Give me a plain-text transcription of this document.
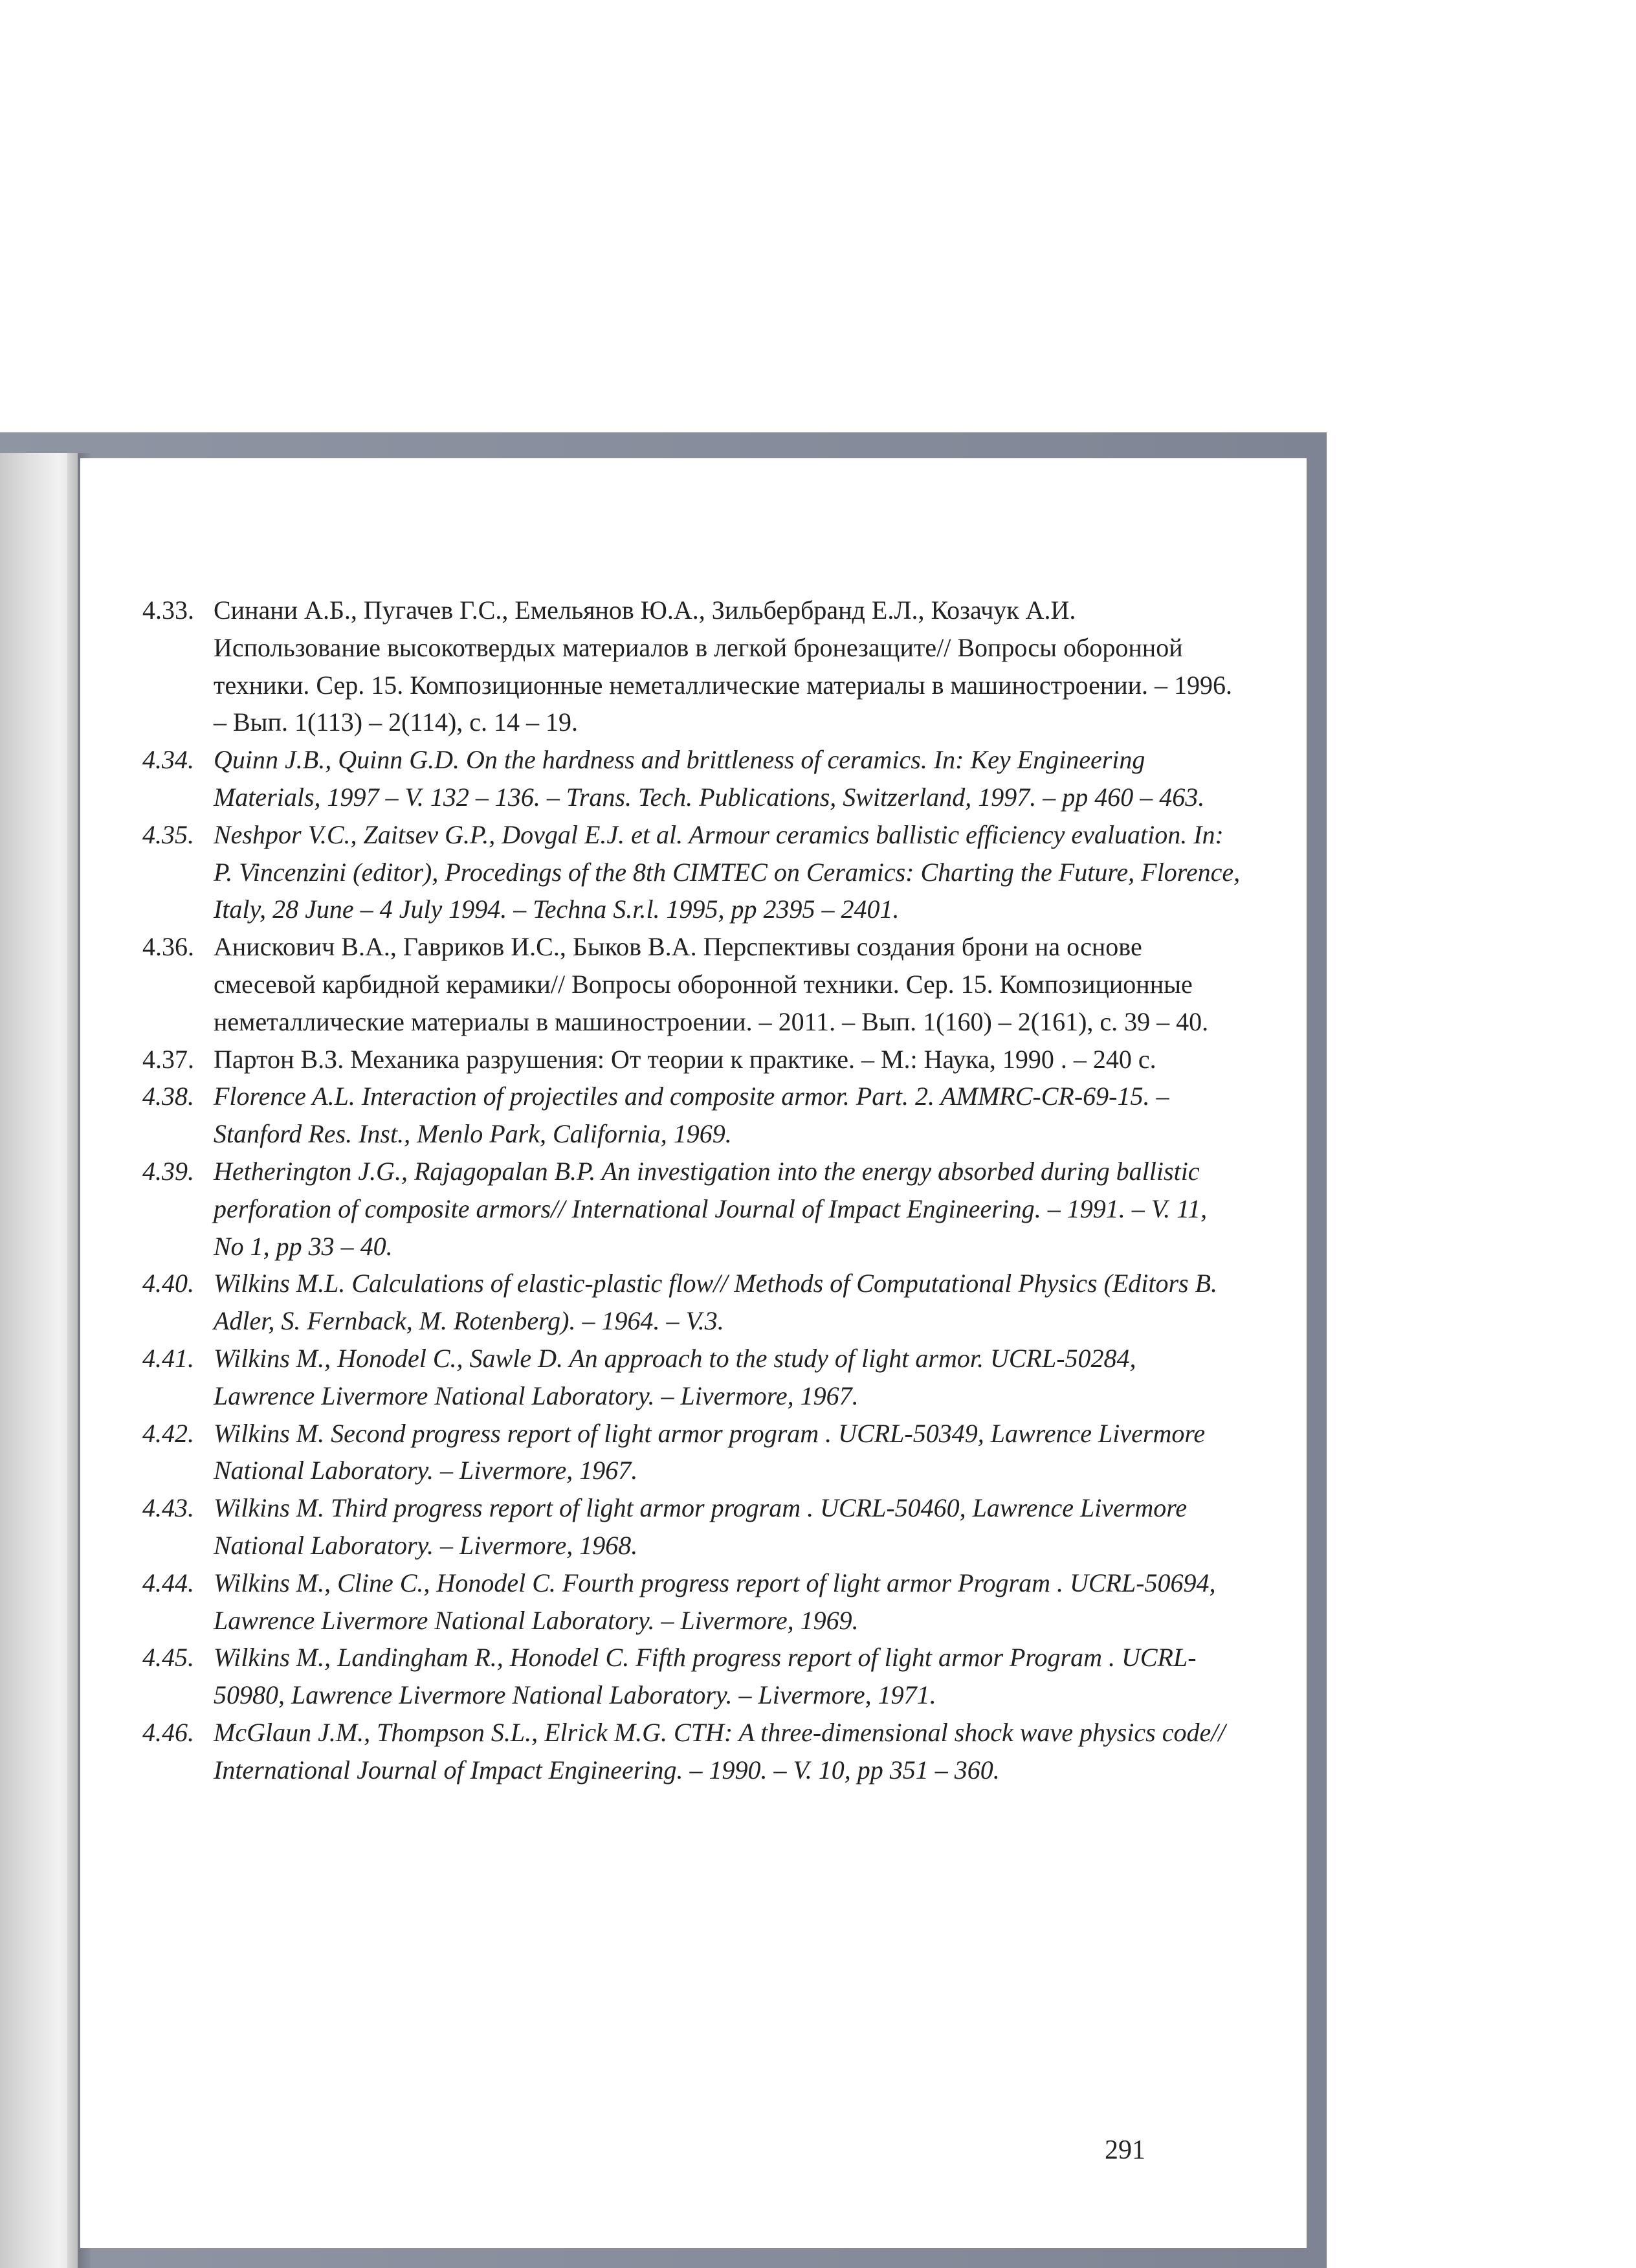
4.33. Синани А.Б., Пугачев Г.С., Емельянов Ю.А., Зильбербранд Е.Л., Козачук А.И. Использование высокотвердых материалов в легкой бронезащите// Вопросы оборонной техники. Сер. 15. Композиционные неметаллические материалы в машиностроении. – 1996. – Вып. 1(113) – 2(114), с. 14 – 19.
4.34. Quinn J.B., Quinn G.D. On the hardness and brittleness of ceramics. In: Key Engineering Materials, 1997 – V. 132 – 136. – Trans. Tech. Publications, Switzerland, 1997. – pp 460 – 463.
4.35. Neshpor V.C., Zaitsev G.P., Dovgal E.J. et al. Armour ceramics ballistic efficiency evaluation. In: P. Vincenzini (editor), Procedings of the 8th CIMTEC on Ceramics: Charting the Future, Florence, Italy, 28 June – 4 July 1994. – Techna S.r.l. 1995, pp 2395 – 2401.
4.36. Анискович В.А., Гавриков И.С., Быков В.А. Перспективы создания брони на основе смесевой карбидной керамики// Вопросы оборонной техники. Сер. 15. Композиционные неметаллические материалы в машиностроении. – 2011. – Вып. 1(160) – 2(161), с. 39 – 40.
4.37. Партон В.З. Механика разрушения: От теории к практике. – М.: Наука, 1990 . – 240 с.
4.38. Florence A.L. Interaction of projectiles and composite armor. Part. 2. AMMRC-CR-69-15. – Stanford Res. Inst., Menlo Park, California, 1969.
4.39. Hetherington J.G., Rajagopalan B.P. An investigation into the energy absorbed during ballistic perforation of composite armors// International Journal of Impact Engineering. – 1991. – V. 11, No 1, pp 33 – 40.
4.40. Wilkins M.L. Calculations of elastic-plastic flow// Methods of Computational Physics (Editors B. Adler, S. Fernback, M. Rotenberg). – 1964. – V.3.
4.41. Wilkins M., Honodel C., Sawle D. An approach to the study of light armor. UCRL-50284, Lawrence Livermore National Laboratory. – Livermore, 1967.
4.42. Wilkins M. Second progress report of light armor program . UCRL-50349, Lawrence Livermore National Laboratory. – Livermore, 1967.
4.43. Wilkins M. Third progress report of light armor program . UCRL-50460, Lawrence Livermore National Laboratory. – Livermore, 1968.
4.44. Wilkins M., Cline C., Honodel C. Fourth progress report of light armor Program . UCRL-50694, Lawrence Livermore National Laboratory. – Livermore, 1969.
4.45. Wilkins M., Landingham R., Honodel C. Fifth progress report of light armor Program . UCRL-50980, Lawrence Livermore National Laboratory. – Livermore, 1971.
4.46. McGlaun J.M., Thompson S.L., Elrick M.G. CTH: A three-dimensional shock wave physics code// International Journal of Impact Engineering. – 1990. – V. 10, pp 351 – 360.
291
